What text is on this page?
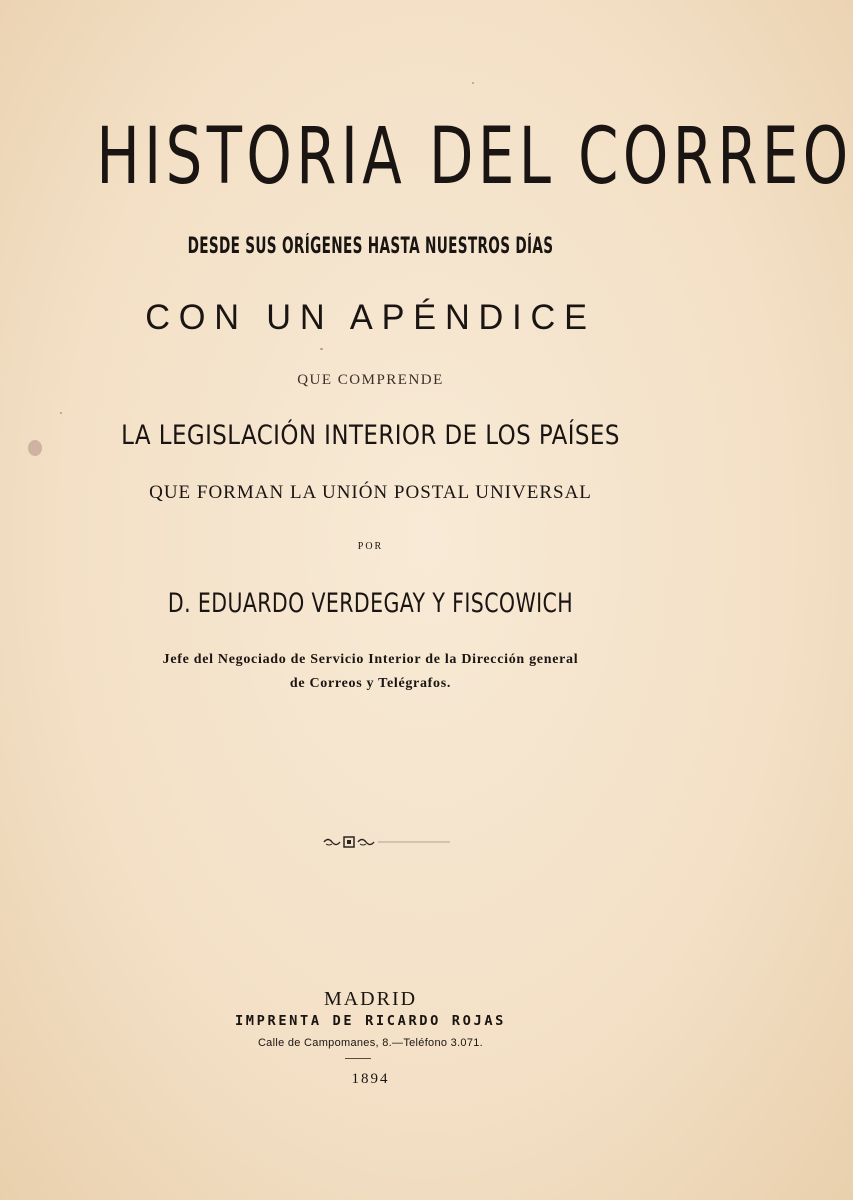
HISTORIA DEL CORREO
DESDE SUS ORÍGENES HASTA NUESTROS DÍAS
CON UN APÉNDICE
QUE COMPRENDE
LA LEGISLACIÓN INTERIOR DE LOS PAÍSES
QUE FORMAN LA UNIÓN POSTAL UNIVERSAL
POR
D. EDUARDO VERDEGAY Y FISCOWICH
Jefe del Negociado de Servicio Interior de la Dirección general
de Correos y Telégrafos.
MADRID
IMPRENTA DE RICARDO ROJAS
Calle de Campomanes, 8.—Teléfono 3.071.
1894
